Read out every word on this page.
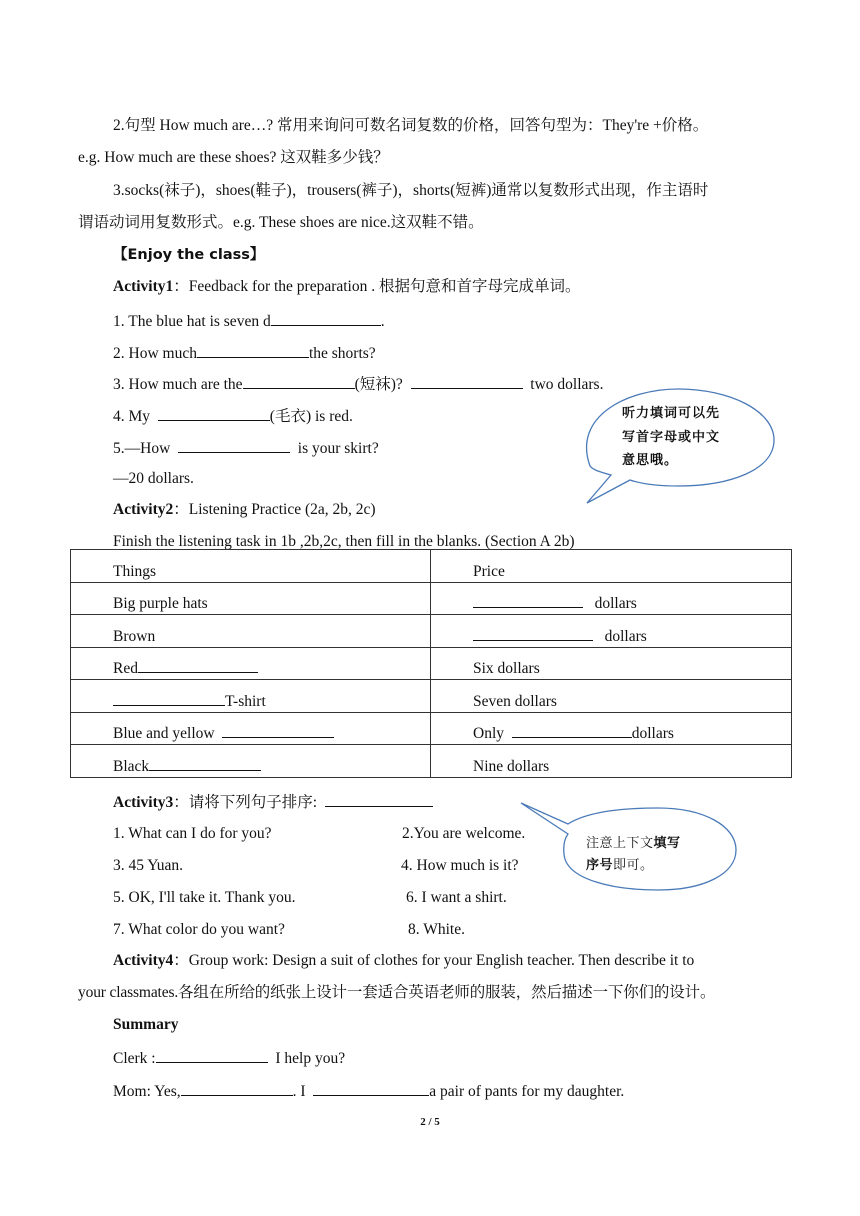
2.句型 How much are…? 常用来询问可数名词复数的价格，回答句型为：They're +价格。
e.g. How much are these shoes? 这双鞋多少钱？
3.socks(袜子)，shoes(鞋子)，trousers(裤子)，shorts(短裤)通常以复数形式出现，作主语时
谓语动词用复数形式。e.g. These shoes are nice.这双鞋不错。
【Enjoy the class】
Activity1：Feedback for the preparation . 根据句意和首字母完成单词。
1. The blue hat is seven d	.
2. How much	the shorts?
3. How much are the	(短袜)?	two dollars.
4. My	(毛衣) is red.
5.—How	is your skirt?
—20 dollars.
听力填词可以先
写首字母或中文
意思哦。
Activity2：Listening Practice (2a, 2b, 2c)
Finish the listening task in 1b ,2b,2c, then fill in the blanks. (Section A 2b)
Things	Price
Big purple hats	dollars
Brown	dollars
Red	Six dollars
T-shirt	Seven dollars
Blue and yellow	Only dollars
Black	Nine dollars
Activity3：请将下列句子排序:
1. What can I do for you?	2.You are welcome.
3. 45 Yuan.	4. How much is it?
5. OK, I'll take it. Thank you.	6. I want a shirt.
7. What color do you want?	8. White.
注意上下文填写
序号即可。
Activity4：Group work: Design a suit of clothes for your English teacher. Then describe it to
your classmates.各组在所给的纸张上设计一套适合英语老师的服装，然后描述一下你们的设计。
Summary
Clerk :	I help you?
Mom: Yes,	. I	a pair of pants for my daughter.
2 / 5
